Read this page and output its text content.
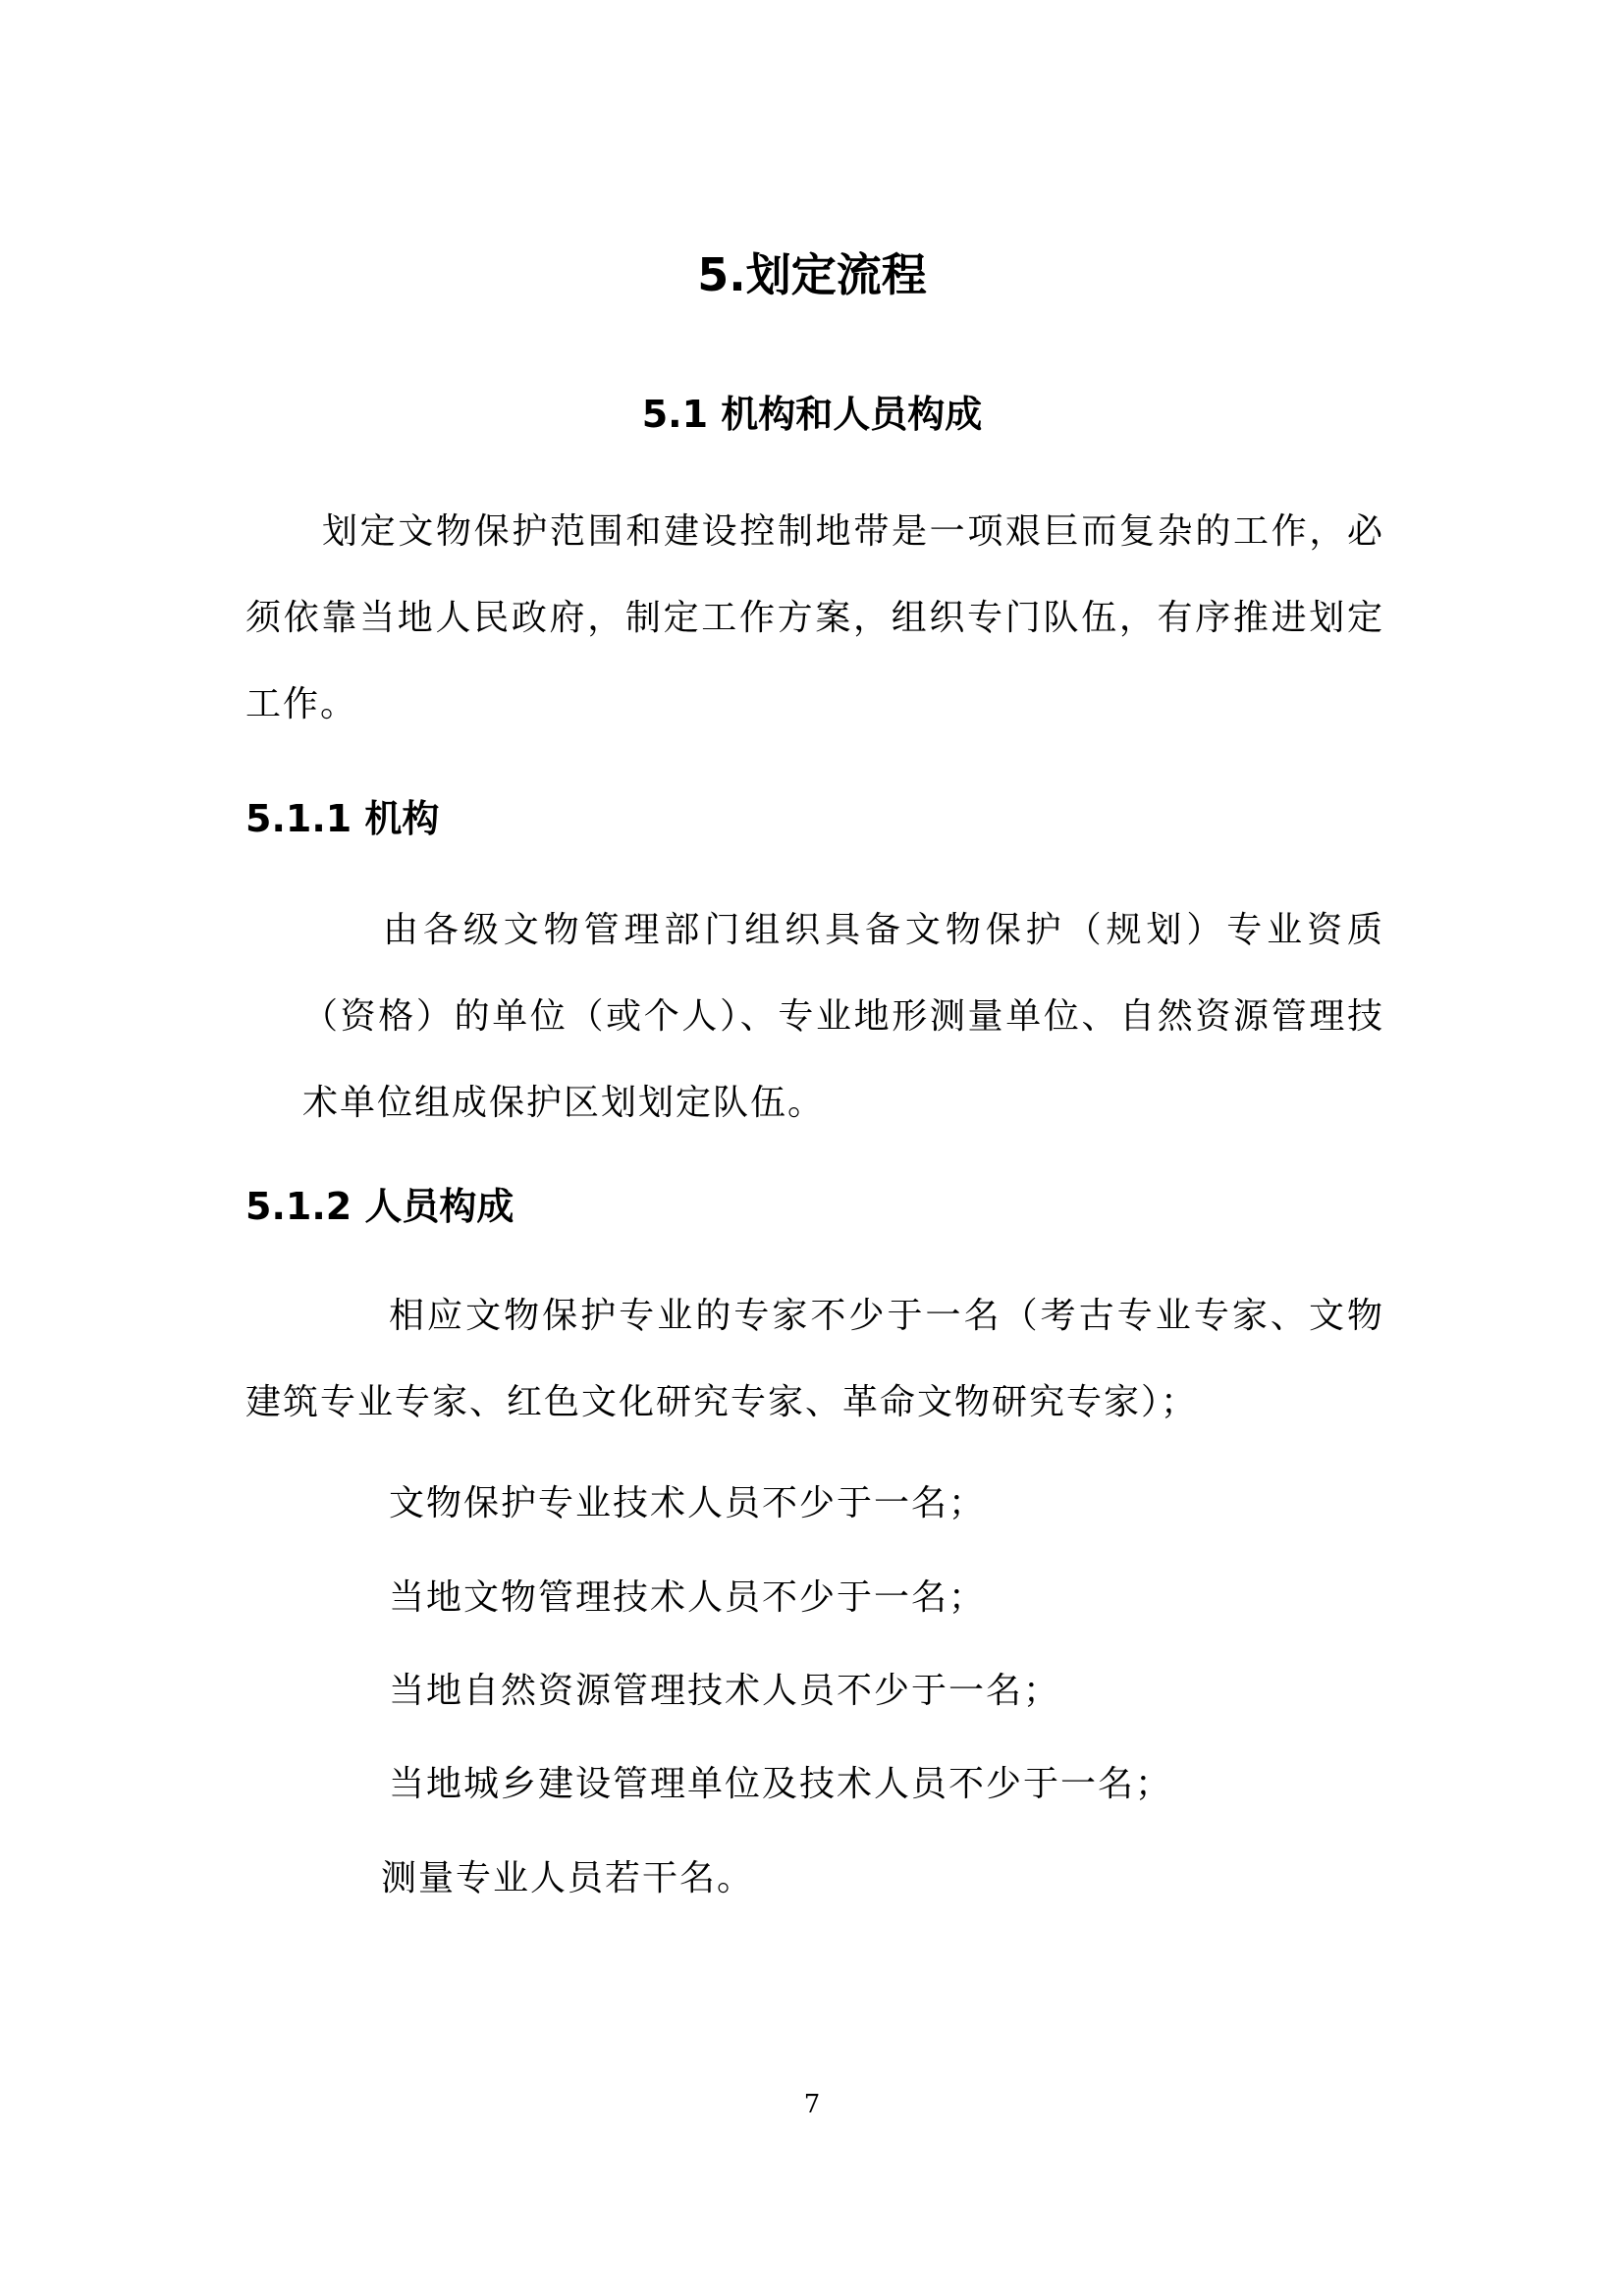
5.划定流程
5.1 机构和人员构成

划定文物保护范围和建设控制地带是一项艰巨而复杂的工作，必须依靠当地人民政府，制定工作方案，组织专门队伍，有序推进划定工作。

5.1.1 机构

由各级文物管理部门组织具备文物保护（规划）专业资质（资格）的单位（或个人）、专业地形测量单位、自然资源管理技术单位组成保护区划划定队伍。

5.1.2 人员构成

相应文物保护专业的专家不少于一名（考古专业专家、文物建筑专业专家、红色文化研究专家、革命文物研究专家）；

文物保护专业技术人员不少于一名；

当地文物管理技术人员不少于一名；

当地自然资源管理技术人员不少于一名；

当地城乡建设管理单位及技术人员不少于一名；

测量专业人员若干名。

7
